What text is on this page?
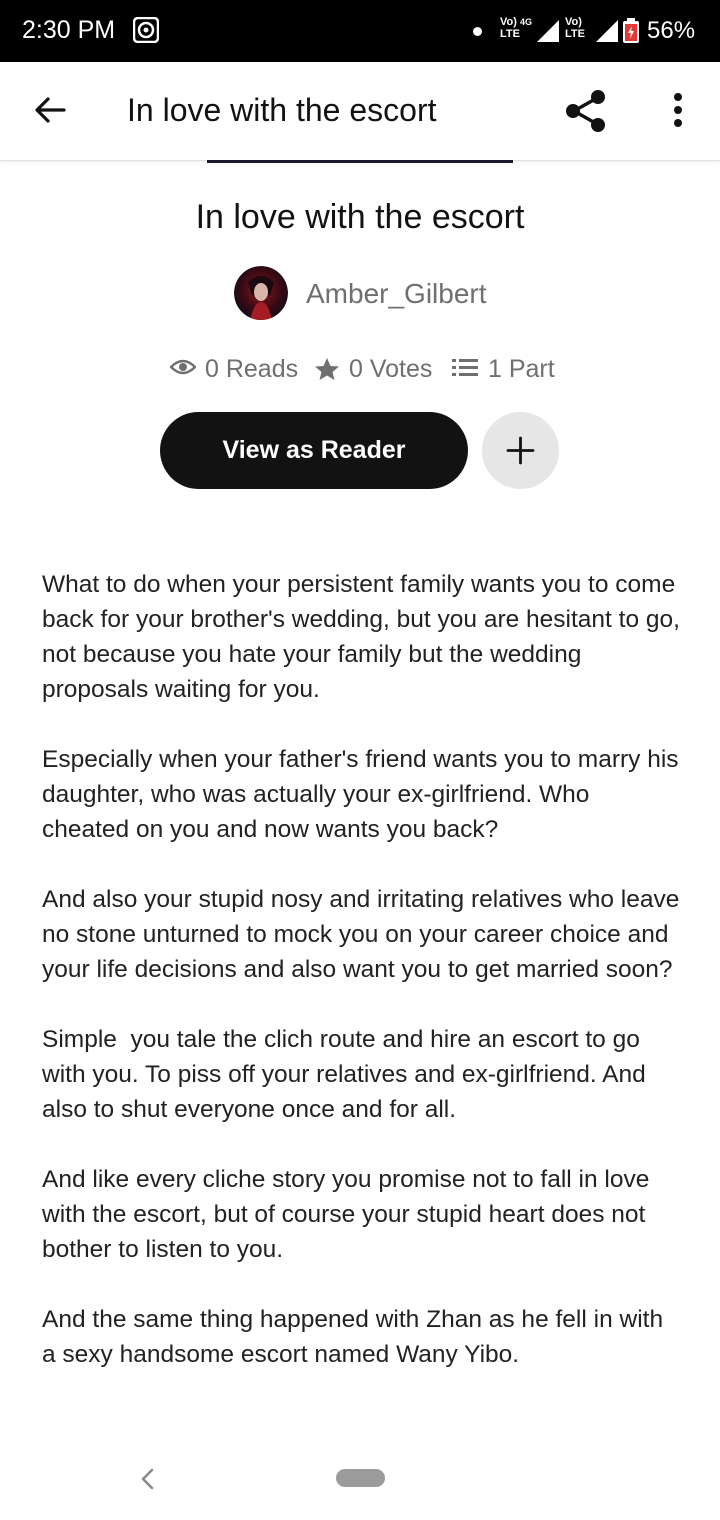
2:30 PM	Vo) 4G
LTE
Vo)
LTE	56%
In love with the escort
In love with the escort
Amber_Gilbert
0 Reads 0 Votes 1 Part
View as Reader

What to do when your persistent family wants you to come back for your brother's wedding, but you are hesitant to go, not because you hate your family but the wedding proposals waiting for you.

Especially when your father's friend wants you to marry his daughter, who was actually your ex-girlfriend. Who cheated on you and now wants you back?

And also your stupid nosy and irritating relatives who leave no stone unturned to mock you on your career choice and your life decisions and also want you to get married soon?

Simple  you tale the clich route and hire an escort to go with you. To piss off your relatives and ex-girlfriend. And also to shut everyone once and for all.

And like every cliche story you promise not to fall in love with the escort, but of course your stupid heart does not bother to listen to you.

And the same thing happened with Zhan as he fell in with a sexy handsome escort named Wany Yibo.
